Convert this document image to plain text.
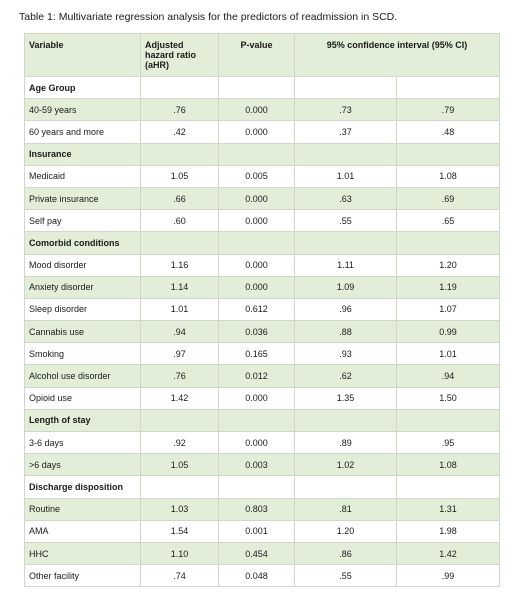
Table 1: Multivariate regression analysis for the predictors of readmission in SCD.
Variable	Adjusted hazard ratio (aHR)	P-value	95% confidence interval (95% CI)	
Age Group				
40-59 years	.76	0.000	.73	.79
60 years and more	.42	0.000	.37	.48
Insurance				
Medicaid	1.05	0.005	1.01	1.08
Private insurance	.66	0.000	.63	.69
Self pay	.60	0.000	.55	.65
Comorbid conditions				
Mood disorder	1.16	0.000	1.11	1.20
Anxiety disorder	1.14	0.000	1.09	1.19
Sleep disorder	1.01	0.612	.96	1.07
Cannabis use	.94	0.036	.88	0.99
Smoking	.97	0.165	.93	1.01
Alcohol use disorder	.76	0.012	.62	.94
Opioid use	1.42	0.000	1.35	1.50
Length of stay				
3-6 days	.92	0.000	.89	.95
>6 days	1.05	0.003	1.02	1.08
Discharge disposition				
Routine	1.03	0.803	.81	1.31
AMA	1.54	0.001	1.20	1.98
HHC	1.10	0.454	.86	1.42
Other facility	.74	0.048	.55	.99
